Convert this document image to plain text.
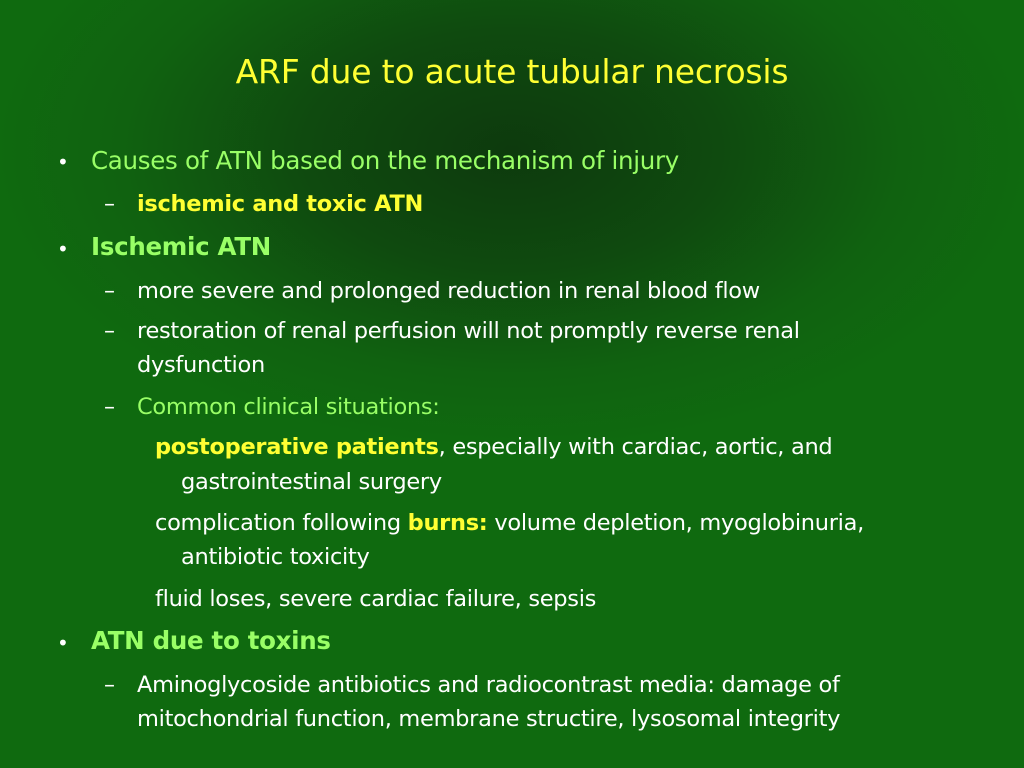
ARF due to acute tubular necrosis
• Causes of ATN based on the mechanism of injury
– ischemic and toxic ATN
• Ischemic ATN
– more severe and prolonged reduction in renal blood flow
– restoration of renal perfusion will not promptly reverse renal
dysfunction
– Common clinical situations:
postoperative patients, especially with cardiac, aortic, and
gastrointestinal surgery
complication following burns: volume depletion, myoglobinuria,
antibiotic toxicity
fluid loses, severe cardiac failure, sepsis
• ATN due to toxins
– Aminoglycoside antibiotics and radiocontrast media: damage of
mitochondrial function, membrane structire, lysosomal integrity
